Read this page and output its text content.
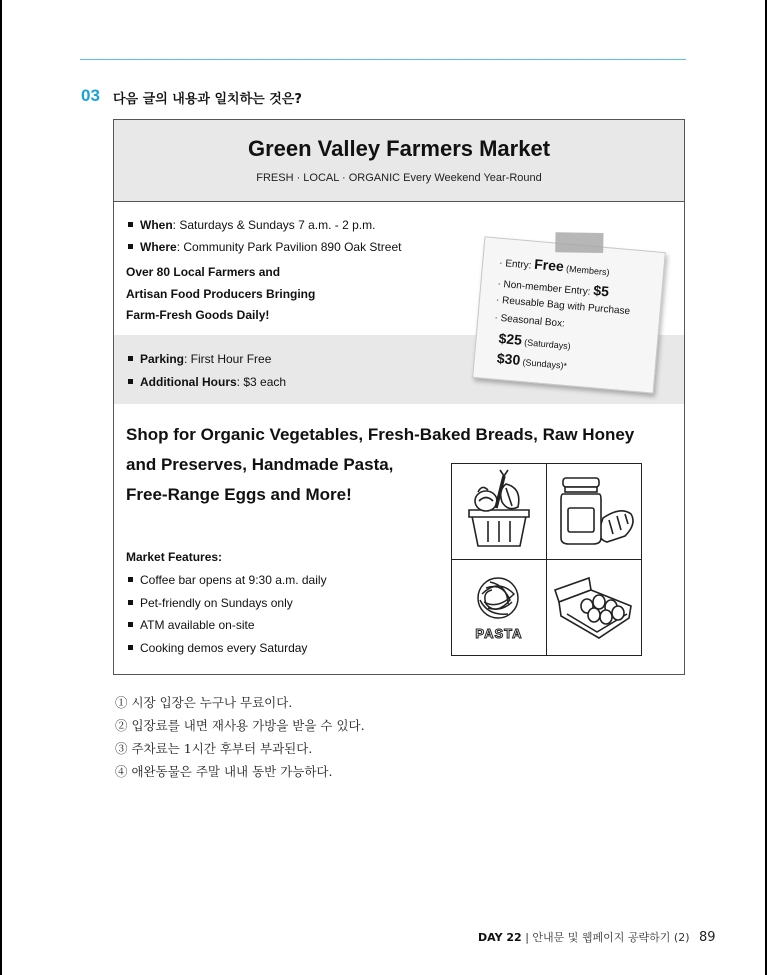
03 다음 글의 내용과 일치하는 것은?
Green Valley Farmers Market
FRESH · LOCAL · ORGANIC Every Weekend Year-Round
When: Saturdays & Sundays 7 a.m. - 2 p.m.
Where: Community Park Pavilion 890 Oak Street
Over 80 Local Farmers and
Artisan Food Producers Bringing
Farm-Fresh Goods Daily!
Parking: First Hour Free
Additional Hours: $3 each
· Entry: Free (Members)
· Non-member Entry: $5
· Reusable Bag with Purchase
· Seasonal Box:
$25 (Saturdays)
$30 (Sundays)*
Shop for Organic Vegetables, Fresh-Baked Breads, Raw Honey
and Preserves, Handmade Pasta,
Free-Range Eggs and More!
PASTA
Market Features:
Coffee bar opens at 9:30 a.m. daily
Pet-friendly on Sundays only
ATM available on-site
Cooking demos every Saturday
① 시장 입장은 누구나 무료이다.
② 입장료를 내면 재사용 가방을 받을 수 있다.
③ 주차료는 1시간 후부터 부과된다.
④ 애완동물은 주말 내내 동반 가능하다.
DAY 22 | 안내문 및 웹페이지 공략하기 (2) 89
